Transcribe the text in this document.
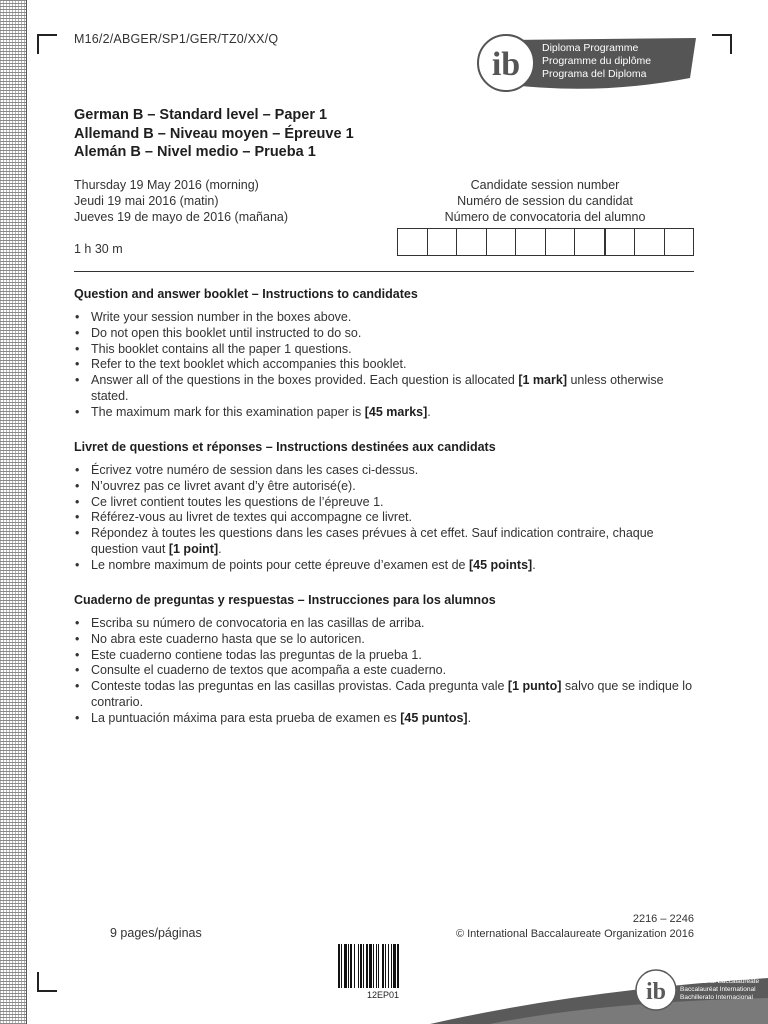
M16/2/ABGER/SP1/GER/TZ0/XX/Q
ib Diploma Programme
Programme du diplôme
Programa del Diploma
German B – Standard level – Paper 1
Allemand B – Niveau moyen – Épreuve 1
Alemán B – Nivel medio – Prueba 1
Thursday 19 May 2016 (morning)
Jeudi 19 mai 2016 (matin)
Jueves 19 de mayo de 2016 (mañana)
1 h 30 m
Candidate session number
Numéro de session du candidat
Número de convocatoria del alumno
Question and answer booklet – Instructions to candidates
• Write your session number in the boxes above.
• Do not open this booklet until instructed to do so.
• This booklet contains all the paper 1 questions.
• Refer to the text booklet which accompanies this booklet.
• Answer all of the questions in the boxes provided. Each question is allocated [1 mark] unless otherwise stated.
• The maximum mark for this examination paper is [45 marks].
Livret de questions et réponses – Instructions destinées aux candidats
• Écrivez votre numéro de session dans les cases ci-dessus.
• N’ouvrez pas ce livret avant d’y être autorisé(e).
• Ce livret contient toutes les questions de l’épreuve 1.
• Référez-vous au livret de textes qui accompagne ce livret.
• Répondez à toutes les questions dans les cases prévues à cet effet. Sauf indication contraire, chaque question vaut [1 point].
• Le nombre maximum de points pour cette épreuve d’examen est de [45 points].
Cuaderno de preguntas y respuestas – Instrucciones para los alumnos
• Escriba su número de convocatoria en las casillas de arriba.
• No abra este cuaderno hasta que se lo autoricen.
• Este cuaderno contiene todas las preguntas de la prueba 1.
• Consulte el cuaderno de textos que acompaña a este cuaderno.
• Conteste todas las preguntas en las casillas provistas. Cada pregunta vale [1 punto] salvo que se indique lo contrario.
• La puntuación máxima para esta prueba de examen es [45 puntos].
9 pages/páginas
2216 – 2246
© International Baccalaureate Organization 2016
12EP01	ib International Baccalaureate
Baccalauréat International
Bachillerato Internacional
